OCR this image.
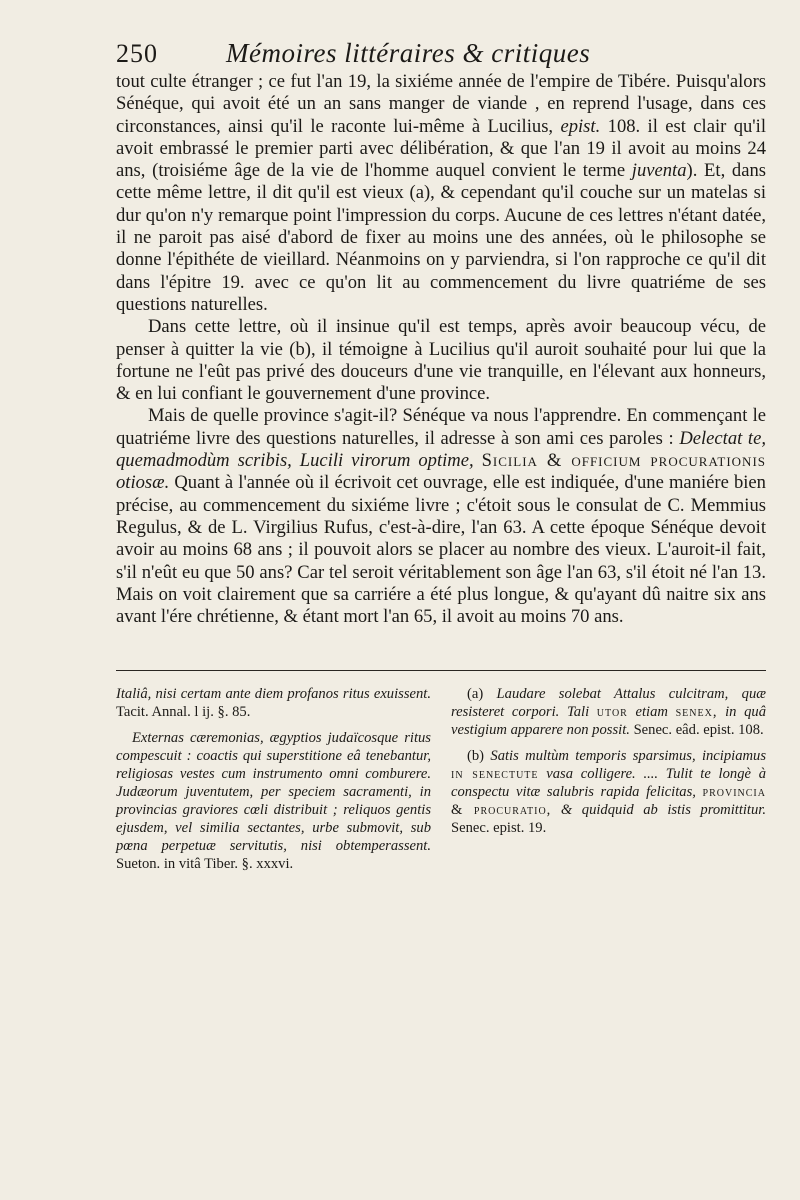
250	Mémoires littéraires & critiques

tout culte étranger ; ce fut l'an 19, la sixiéme année de l'empire de Tibére. Puisqu'alors Sénéque, qui avoit été un an sans manger de viande , en reprend l'usage, dans ces circonstances, ainsi qu'il le raconte lui-même à Lucilius, epist. 108. il est clair qu'il avoit embrassé le premier parti avec délibération, & que l'an 19 il avoit au moins 24 ans, (troisiéme âge de la vie de l'homme auquel convient le terme juventa). Et, dans cette même lettre, il dit qu'il est vieux (a), & cependant qu'il couche sur un matelas si dur qu'on n'y remarque point l'impression du corps. Aucune de ces lettres n'étant datée, il ne paroit pas aisé d'abord de fixer au moins une des années, où le philosophe se donne l'épithéte de vieillard. Néanmoins on y parviendra, si l'on rapproche ce qu'il dit dans l'épitre 19. avec ce qu'on lit au commencement du livre quatriéme de ses questions naturelles.

Dans cette lettre, où il insinue qu'il est temps, après avoir beaucoup vécu, de penser à quitter la vie (b), il témoigne à Lucilius qu'il auroit souhaité pour lui que la fortune ne l'eût pas privé des douceurs d'une vie tranquille, en l'élevant aux honneurs, & en lui confiant le gouvernement d'une province.

Mais de quelle province s'agit-il? Sénéque va nous l'apprendre. En commençant le quatriéme livre des questions naturelles, il adresse à son ami ces paroles : Delectat te, quemadmodùm scribis, Lucili virorum optime, Sicilia & officium procurationis otiosæ. Quant à l'année où il écrivoit cet ouvrage, elle est indiquée, d'une maniére bien précise, au commencement du sixiéme livre ; c'étoit sous le consulat de C. Memmius Regulus, & de L. Virgilius Rufus, c'est-à-dire, l'an 63. A cette époque Sénéque devoit avoir au moins 68 ans ; il pouvoit alors se placer au nombre des vieux. L'auroit-il fait, s'il n'eût eu que 50 ans? Car tel seroit véritablement son âge l'an 63, s'il étoit né l'an 13. Mais on voit clairement que sa carriére a été plus longue, & qu'ayant dû naitre six ans avant l'ére chrétienne, & étant mort l'an 65, il avoit au moins 70 ans.

Italiâ, nisi certam ante diem profanos ritus exuissent. Tacit. Annal. l ij. §. 85.

Externas cæremonias, ægyptios judaïcosque ritus compescuit : coactis qui superstitione eâ tenebantur, religiosas vestes cum instrumento omni comburere. Judæorum juventutem, per speciem sacramenti, in provincias graviores cœli distribuit ; reliquos gentis ejusdem, vel similia sectantes, urbe submovit, sub pœna perpetuæ servitutis, nisi obtemperassent. Sueton. in vitâ Tiber. §. xxxvi.

(a) Laudare solebat Attalus culcitram, quæ resisteret corpori. Tali utor etiam senex, in quâ vestigium apparere non possit. Senec. eâd. epist. 108.

(b) Satis multùm temporis sparsimus, incipiamus in senectute vasa colligere. .... Tulit te longè à conspectu vitæ salubris rapida felicitas, provincia & procuratio, & quidquid ab istis promittitur. Senec. epist. 19.
